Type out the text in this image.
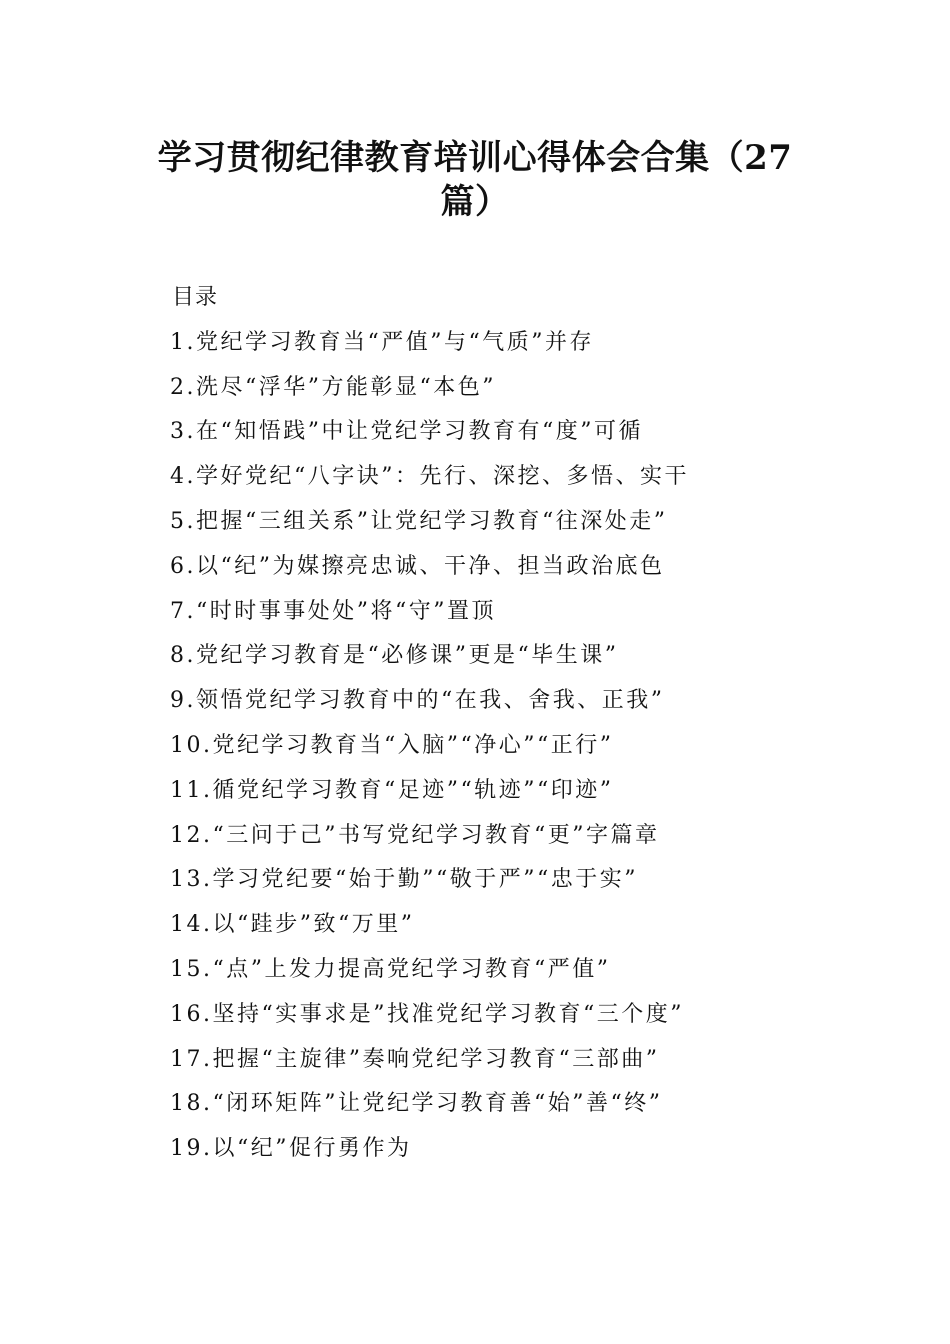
学习贯彻纪律教育培训心得体会合集（27
篇）
目录
1.党纪学习教育当“严值”与“气质”并存
2.洗尽“浮华”方能彰显“本色”
3.在“知悟践”中让党纪学习教育有“度”可循
4.学好党纪“八字诀”：先行、深挖、多悟、实干
5.把握“三组关系”让党纪学习教育“往深处走”
6.以“纪”为媒擦亮忠诚、干净、担当政治底色
7.“时时事事处处”将“守”置顶
8.党纪学习教育是“必修课”更是“毕生课”
9.领悟党纪学习教育中的“在我、舍我、正我”
10.党纪学习教育当“入脑”“净心”“正行”
11.循党纪学习教育“足迹”“轨迹”“印迹”
12.“三问于己”书写党纪学习教育“更”字篇章
13.学习党纪要“始于勤”“敬于严”“忠于实”
14.以“跬步”致“万里”
15.“点”上发力提高党纪学习教育“严值”
16.坚持“实事求是”找准党纪学习教育“三个度”
17.把握“主旋律”奏响党纪学习教育“三部曲”
18.“闭环矩阵”让党纪学习教育善“始”善“终”
19.以“纪”促行勇作为
